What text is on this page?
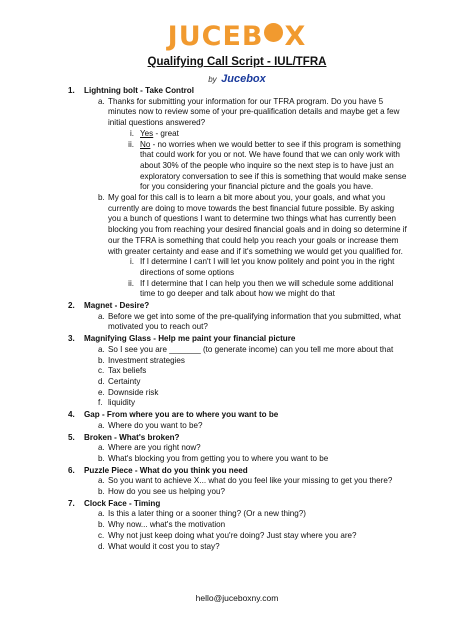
JUCEB X
Qualifying Call Script - IUL/TFRA
by Jucebox
1. Lightning bolt - Take Control
a. Thanks for submitting your information for our TFRA program. Do you have 5 minutes now to review some of your pre-qualification details and maybe get a few initial questions answered?
i. Yes - great
ii. No - no worries when we would better to see if this program is something that could work for you or not. We have found that we can only work with about 30% of the people who inquire so the next step is to have just an exploratory conversation to see if this is something that would make sense for you considering your financial picture and the goals you have.
b. My goal for this call is to learn a bit more about you, your goals, and what you currently are doing to move towards the best financial future possible. By asking you a bunch of questions I want to determine two things what has currently been blocking you from reaching your desired financial goals and in doing so determine if our the TFRA is something that could help you reach your goals or increase them with greater certainty and ease and if it's something we would get you qualified for.
i. If I determine I can't I will let you know politely and point you in the right directions of some options
ii. If I determine that I can help you then we will schedule some additional time to go deeper and talk about how we might do that
2. Magnet - Desire?
a. Before we get into some of the pre-qualifying information that you submitted, what motivated you to reach out?
3. Magnifying Glass - Help me paint your financial picture
a. So I see you are _______ (to generate income) can you tell me more about that
b. Investment strategies
c. Tax beliefs
d. Certainty
e. Downside risk
f. liquidity
4. Gap - From where you are to where you want to be
a. Where do you want to be?
5. Broken - What's broken?
a. Where are you right now?
b. What's blocking you from getting you to where you want to be
6. Puzzle Piece - What do you think you need
a. So you want to achieve X... what do you feel like your missing to get you there?
b. How do you see us helping you?
7. Clock Face - Timing
a. Is this a later thing or a sooner thing? (Or a new thing?)
b. Why now... what's the motivation
c. Why not just keep doing what you're doing? Just stay where you are?
d. What would it cost you to stay?
hello@juceboxny.com
